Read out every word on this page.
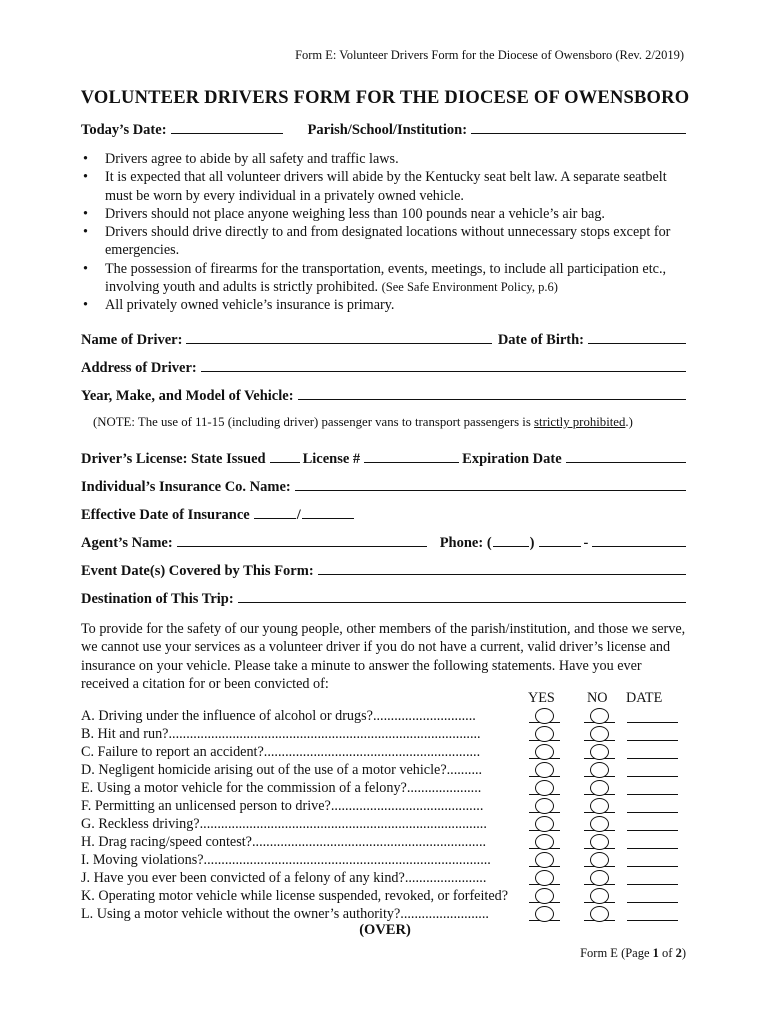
Form E: Volunteer Drivers Form for the Diocese of Owensboro (Rev. 2/2019)
VOLUNTEER DRIVERS FORM FOR THE DIOCESE OF OWENSBORO
Today’s Date:	Parish/School/Institution:
• Drivers agree to abide by all safety and traffic laws.
• It is expected that all volunteer drivers will abide by the Kentucky seat belt law. A separate seatbelt must be worn by every individual in a privately owned vehicle.
• Drivers should not place anyone weighing less than 100 pounds near a vehicle’s air bag.
• Drivers should drive directly to and from designated locations without unnecessary stops except for emergencies.
• The possession of firearms for the transportation, events, meetings, to include all participation etc., involving youth and adults is strictly prohibited. (See Safe Environment Policy, p.6)
• All privately owned vehicle’s insurance is primary.
Name of Driver:	Date of Birth:
Address of Driver:
Year, Make, and Model of Vehicle:
(NOTE: The use of 11-15 (including driver) passenger vans to transport passengers is strictly prohibited.)
Driver’s License: State Issued	License #	Expiration Date
Individual’s Insurance Co. Name:
Effective Date of Insurance	/
Agent’s Name:	Phone: (	)	-
Event Date(s) Covered by This Form:
Destination of This Trip:
To provide for the safety of our young people, other members of the parish/institution, and those we serve, we cannot use your services as a volunteer driver if you do not have a current, valid driver’s license and insurance on your vehicle. Please take a minute to answer the following statements. Have you ever received a citation for or been convicted of:
YES NO DATE
A. Driving under the influence of alcohol or drugs?.............................
B. Hit and run?........................................................................................
C. Failure to report an accident?.............................................................
D. Negligent homicide arising out of the use of a motor vehicle?..........
E. Using a motor vehicle for the commission of a felony?.....................
F. Permitting an unlicensed person to drive?...........................................
G. Reckless driving?.................................................................................
H. Drag racing/speed contest?..................................................................
I. Moving violations?.................................................................................
J. Have you ever been convicted of a felony of any kind?.......................
K. Operating motor vehicle while license suspended, revoked, or forfeited?
L. Using a motor vehicle without the owner’s authority?.........................
(OVER)
Form E (Page 1 of 2)
